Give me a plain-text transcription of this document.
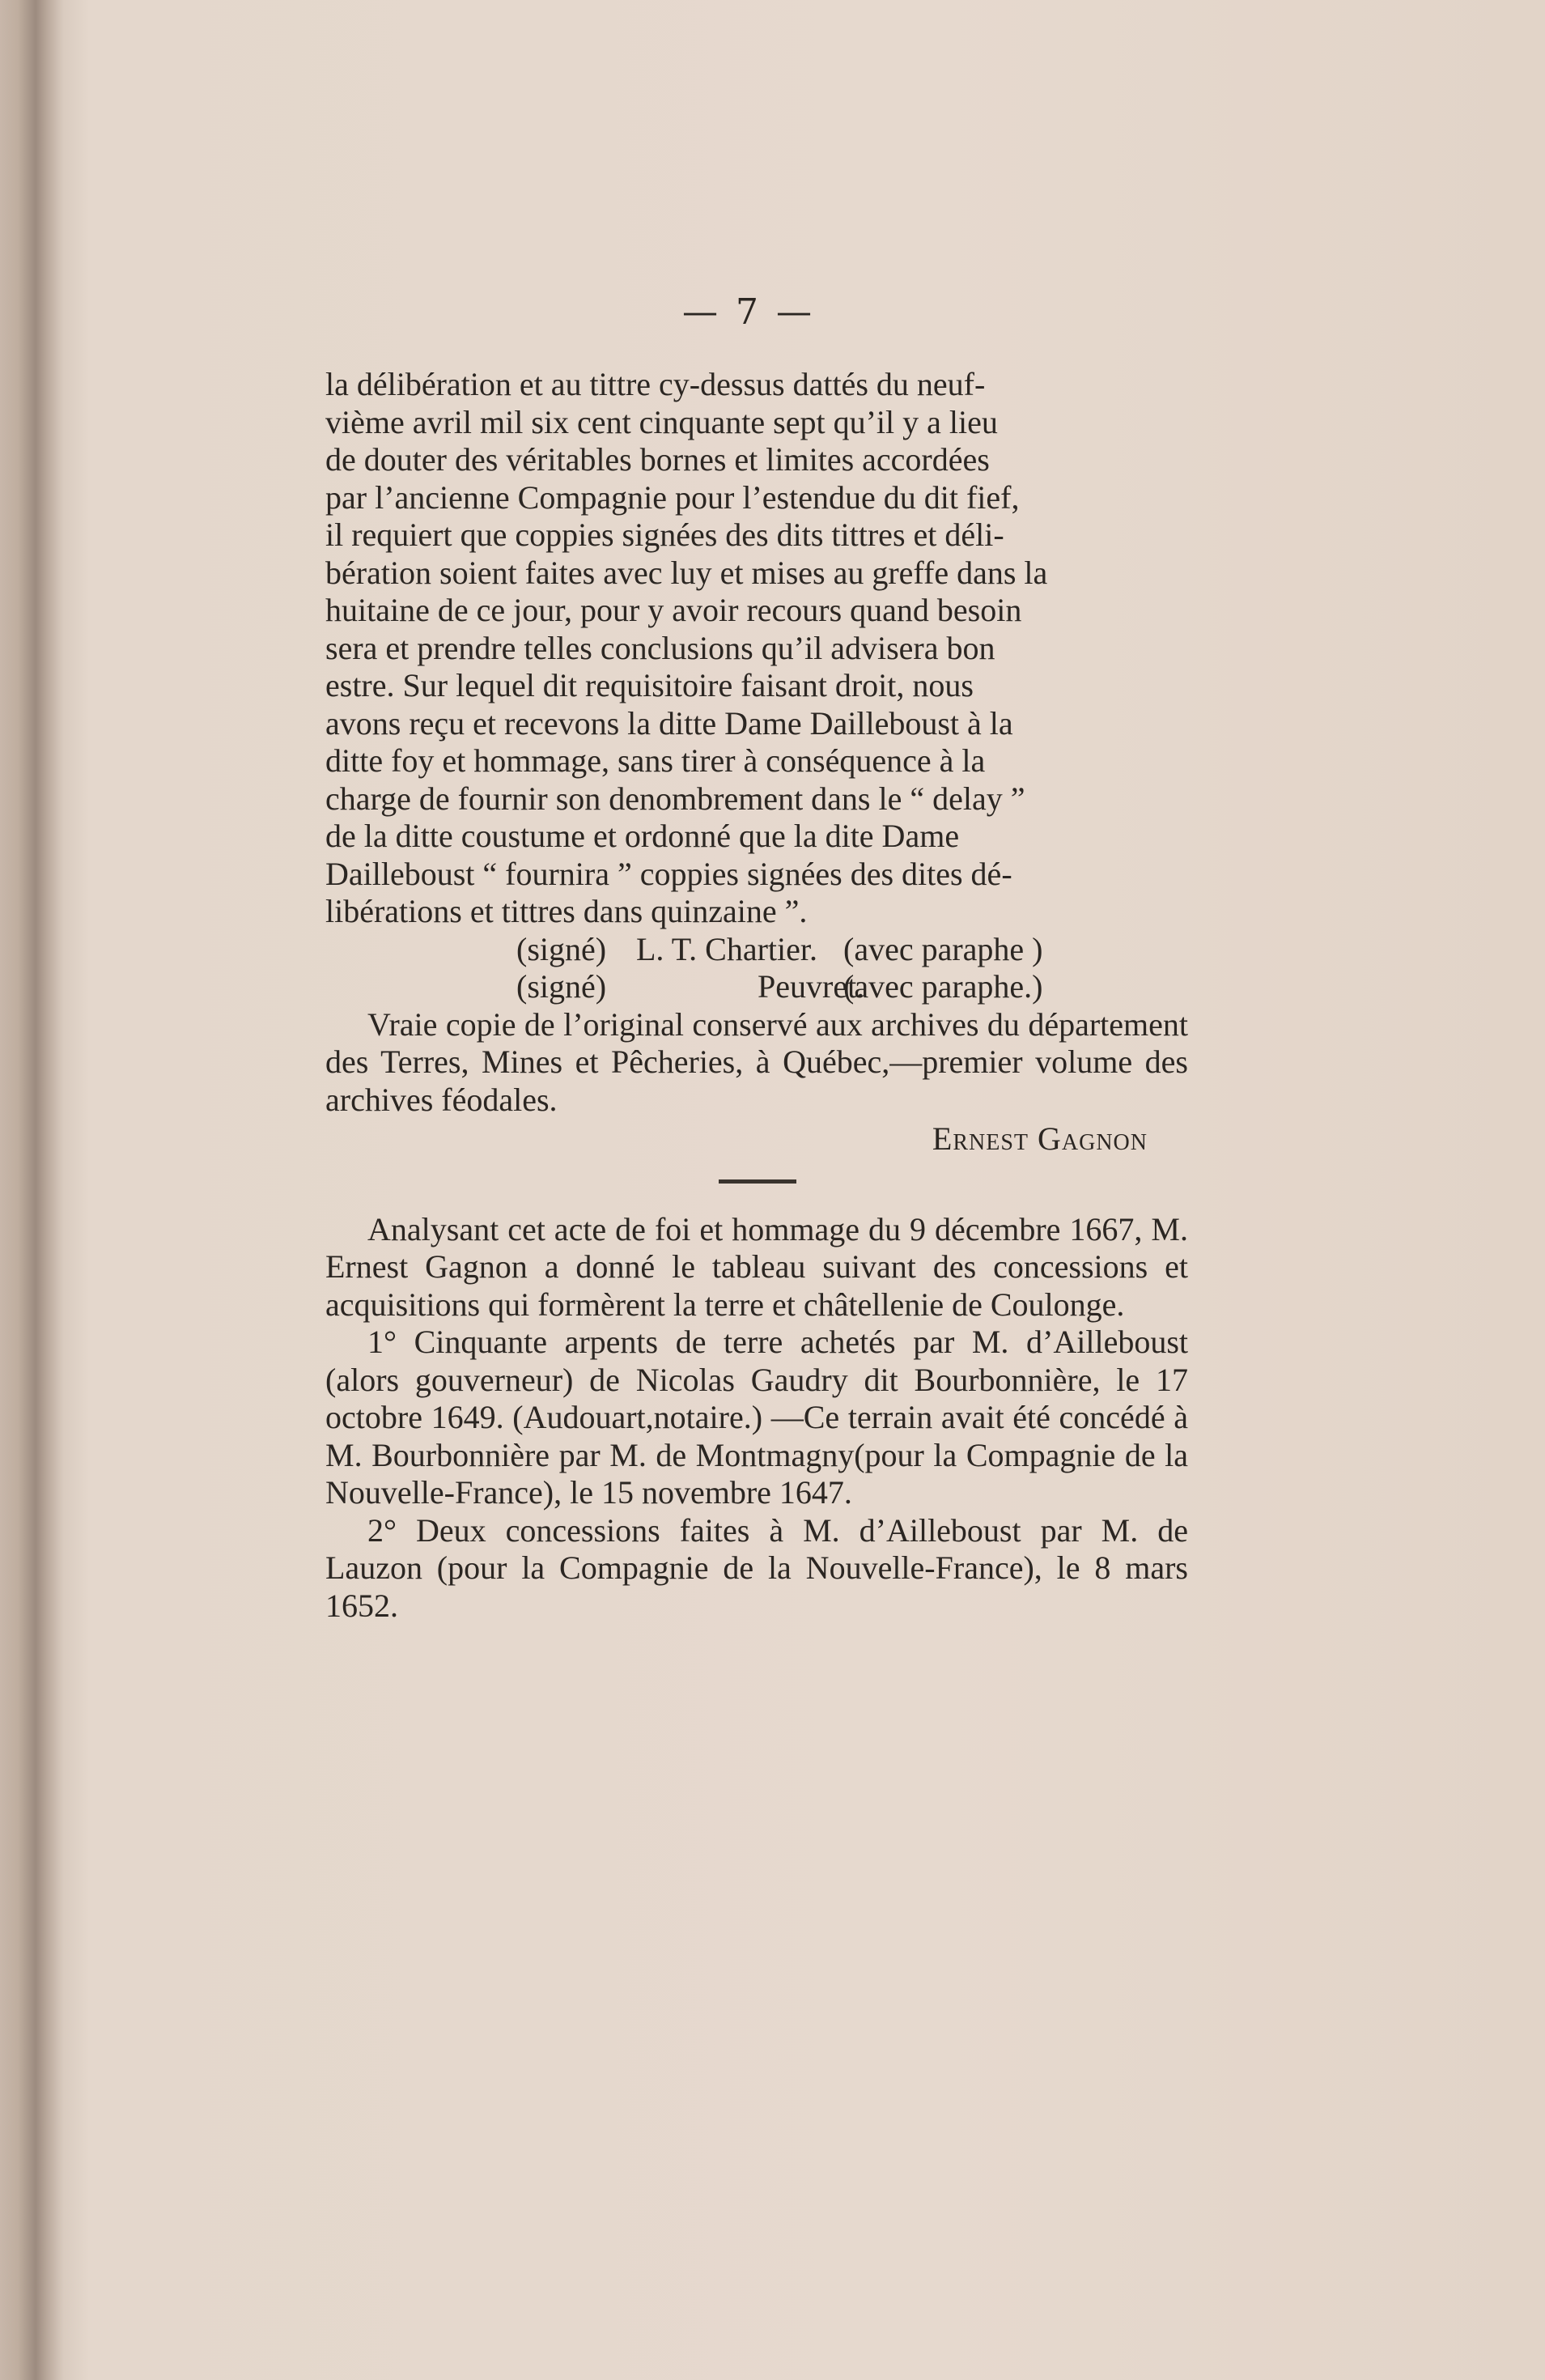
— 7 —
la délibération et au tittre cy-dessus dattés du neuf-
vième avril mil six cent cinquante sept qu’il y a lieu
de douter des véritables bornes et limites accordées
par l’ancienne Compagnie pour l’estendue du dit fief,
il requiert que coppies signées des dits tittres et déli-
bération soient faites avec luy et mises au greffe dans la
huitaine de ce jour, pour y avoir recours quand besoin
sera et prendre telles conclusions qu’il advisera bon
estre. Sur lequel dit requisitoire faisant droit, nous
avons reçu et recevons la ditte Dame Dailleboust à la
ditte foy et hommage, sans tirer à conséquence à la
charge de fournir son denombrement dans le “ delay ”
de la ditte coustume et ordonné que la dite Dame
Dailleboust “ fournira ” coppies signées des dites dé-
libérations et tittres dans quinzaine ”.
(signé) L. T. Chartier. (avec paraphe )
(signé)	Peuvret.
(avec paraphe.)

Vraie copie de l’original conservé aux archives du département des Terres, Mines et Pêcheries, à Québec,—premier volume des archives féodales.

Ernest Gagnon

Analysant cet acte de foi et hommage du 9 décembre 1667, M. Ernest Gagnon a donné le tableau suivant des concessions et acquisitions qui formèrent la terre et châtellenie de Coulonge.

1° Cinquante arpents de terre achetés par M. d’Ailleboust (alors gouverneur) de Nicolas Gaudry dit Bourbonnière, le 17 octobre 1649. (Audouart,notaire.) —Ce terrain avait été concédé à M. Bourbonnière par M. de Montmagny(pour la Compagnie de la Nouvelle-France), le 15 novembre 1647.

2° Deux concessions faites à M. d’Ailleboust par M. de Lauzon (pour la Compagnie de la Nouvelle-France), le 8 mars 1652.
